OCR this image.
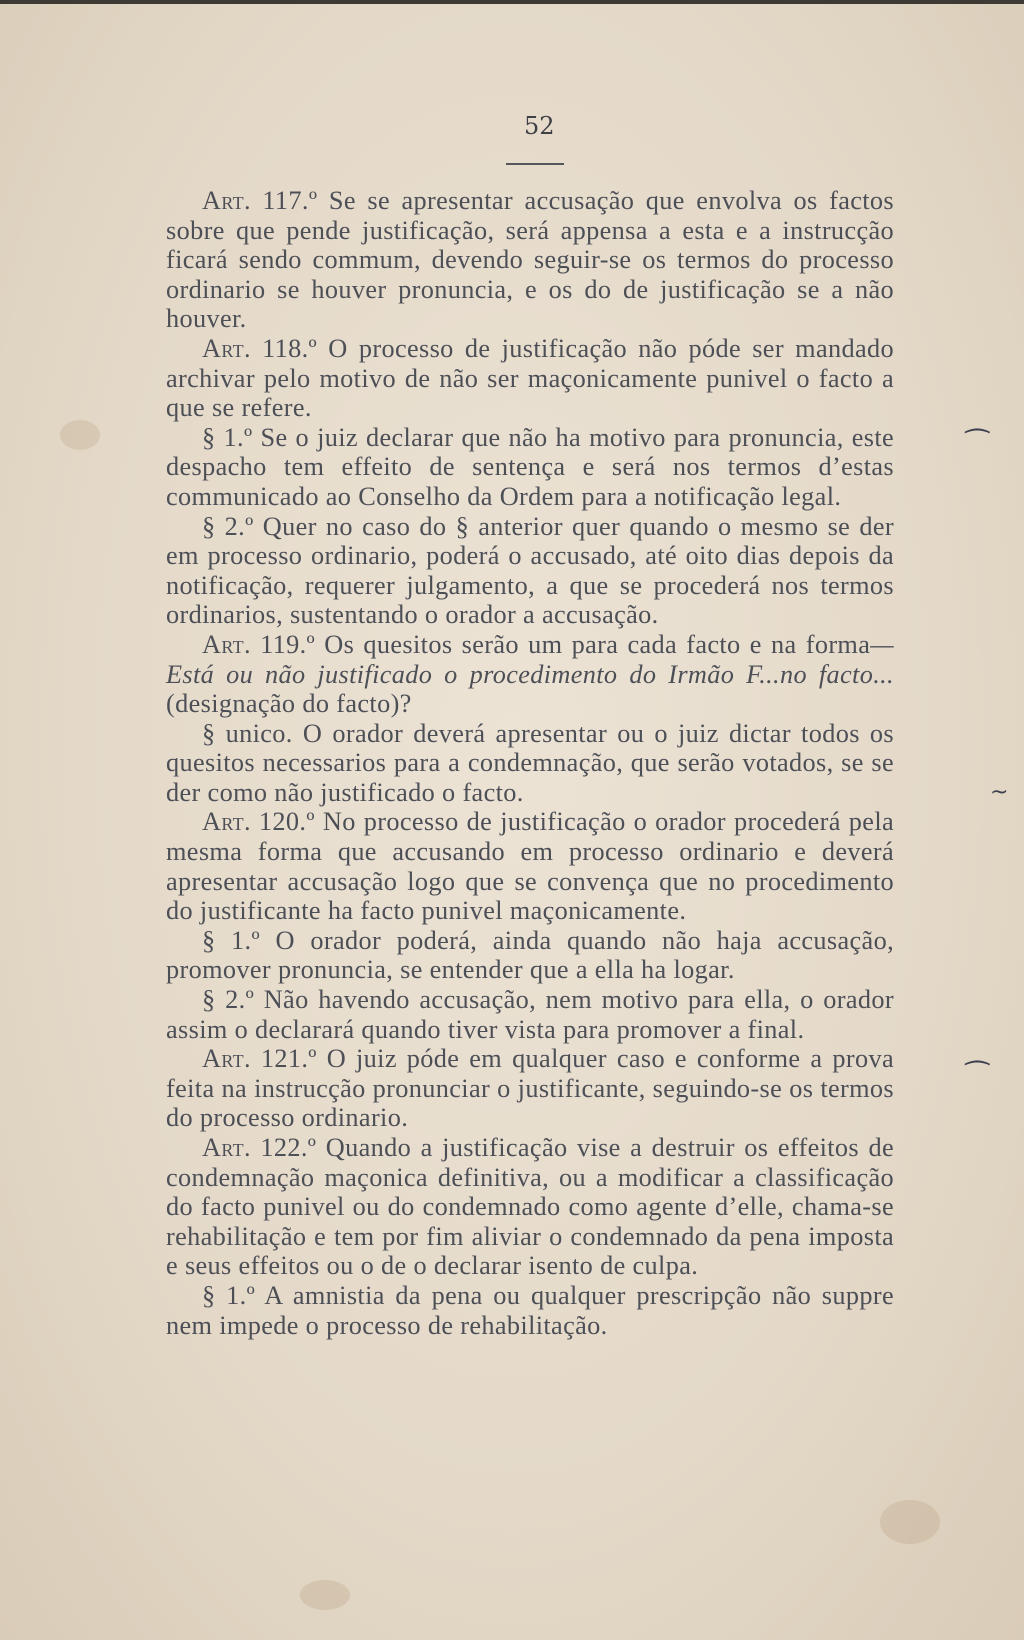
52

Art. 117.º Se se apresentar accusação que envolva os factos sobre que pende justificação, será appensa a esta e a instrucção ficará sendo commum, devendo seguir-se os termos do processo ordinario se houver pronuncia, e os do de justificação se a não houver.

Art. 118.º O processo de justificação não póde ser mandado archivar pelo motivo de não ser maçonicamente punivel o facto a que se refere.

§ 1.º Se o juiz declarar que não ha motivo para pronuncia, este despacho tem effeito de sentença e será nos termos d’estas communicado ao Conselho da Ordem para a notificação legal.

§ 2.º Quer no caso do § anterior quer quando o mesmo se der em processo ordinario, poderá o accusado, até oito dias depois da notificação, requerer julgamento, a que se procederá nos termos ordinarios, sustentando o orador a accusação.

Art. 119.º Os quesitos serão um para cada facto e na forma—Está ou não justificado o procedimento do Irmão F...no facto... (designação do facto)?

§ unico. O orador deverá apresentar ou o juiz dictar todos os quesitos necessarios para a condemnação, que serão votados, se se der como não justificado o facto.

Art. 120.º No processo de justificação o orador procederá pela mesma forma que accusando em processo ordinario e deverá apresentar accusação logo que se convença que no procedimento do justificante ha facto punivel maçonicamente.

§ 1.º O orador poderá, ainda quando não haja accusação, promover pronuncia, se entender que a ella ha logar.

§ 2.º Não havendo accusação, nem motivo para ella, o orador assim o declarará quando tiver vista para promover a final.

Art. 121.º O juiz póde em qualquer caso e conforme a prova feita na instrucção pronunciar o justificante, seguindo-se os termos do processo ordinario.

Art. 122.º Quando a justificação vise a destruir os effeitos de condemnação maçonica definitiva, ou a modificar a classificação do facto punivel ou do condemnado como agente d’elle, chama-se rehabilitação e tem por fim aliviar o condemnado da pena imposta e seus effeitos ou o de o declarar isento de culpa.

§ 1.º A amnistia da pena ou qualquer prescripção não suppre nem impede o processo de rehabilitação.

⁀
~
⁀
